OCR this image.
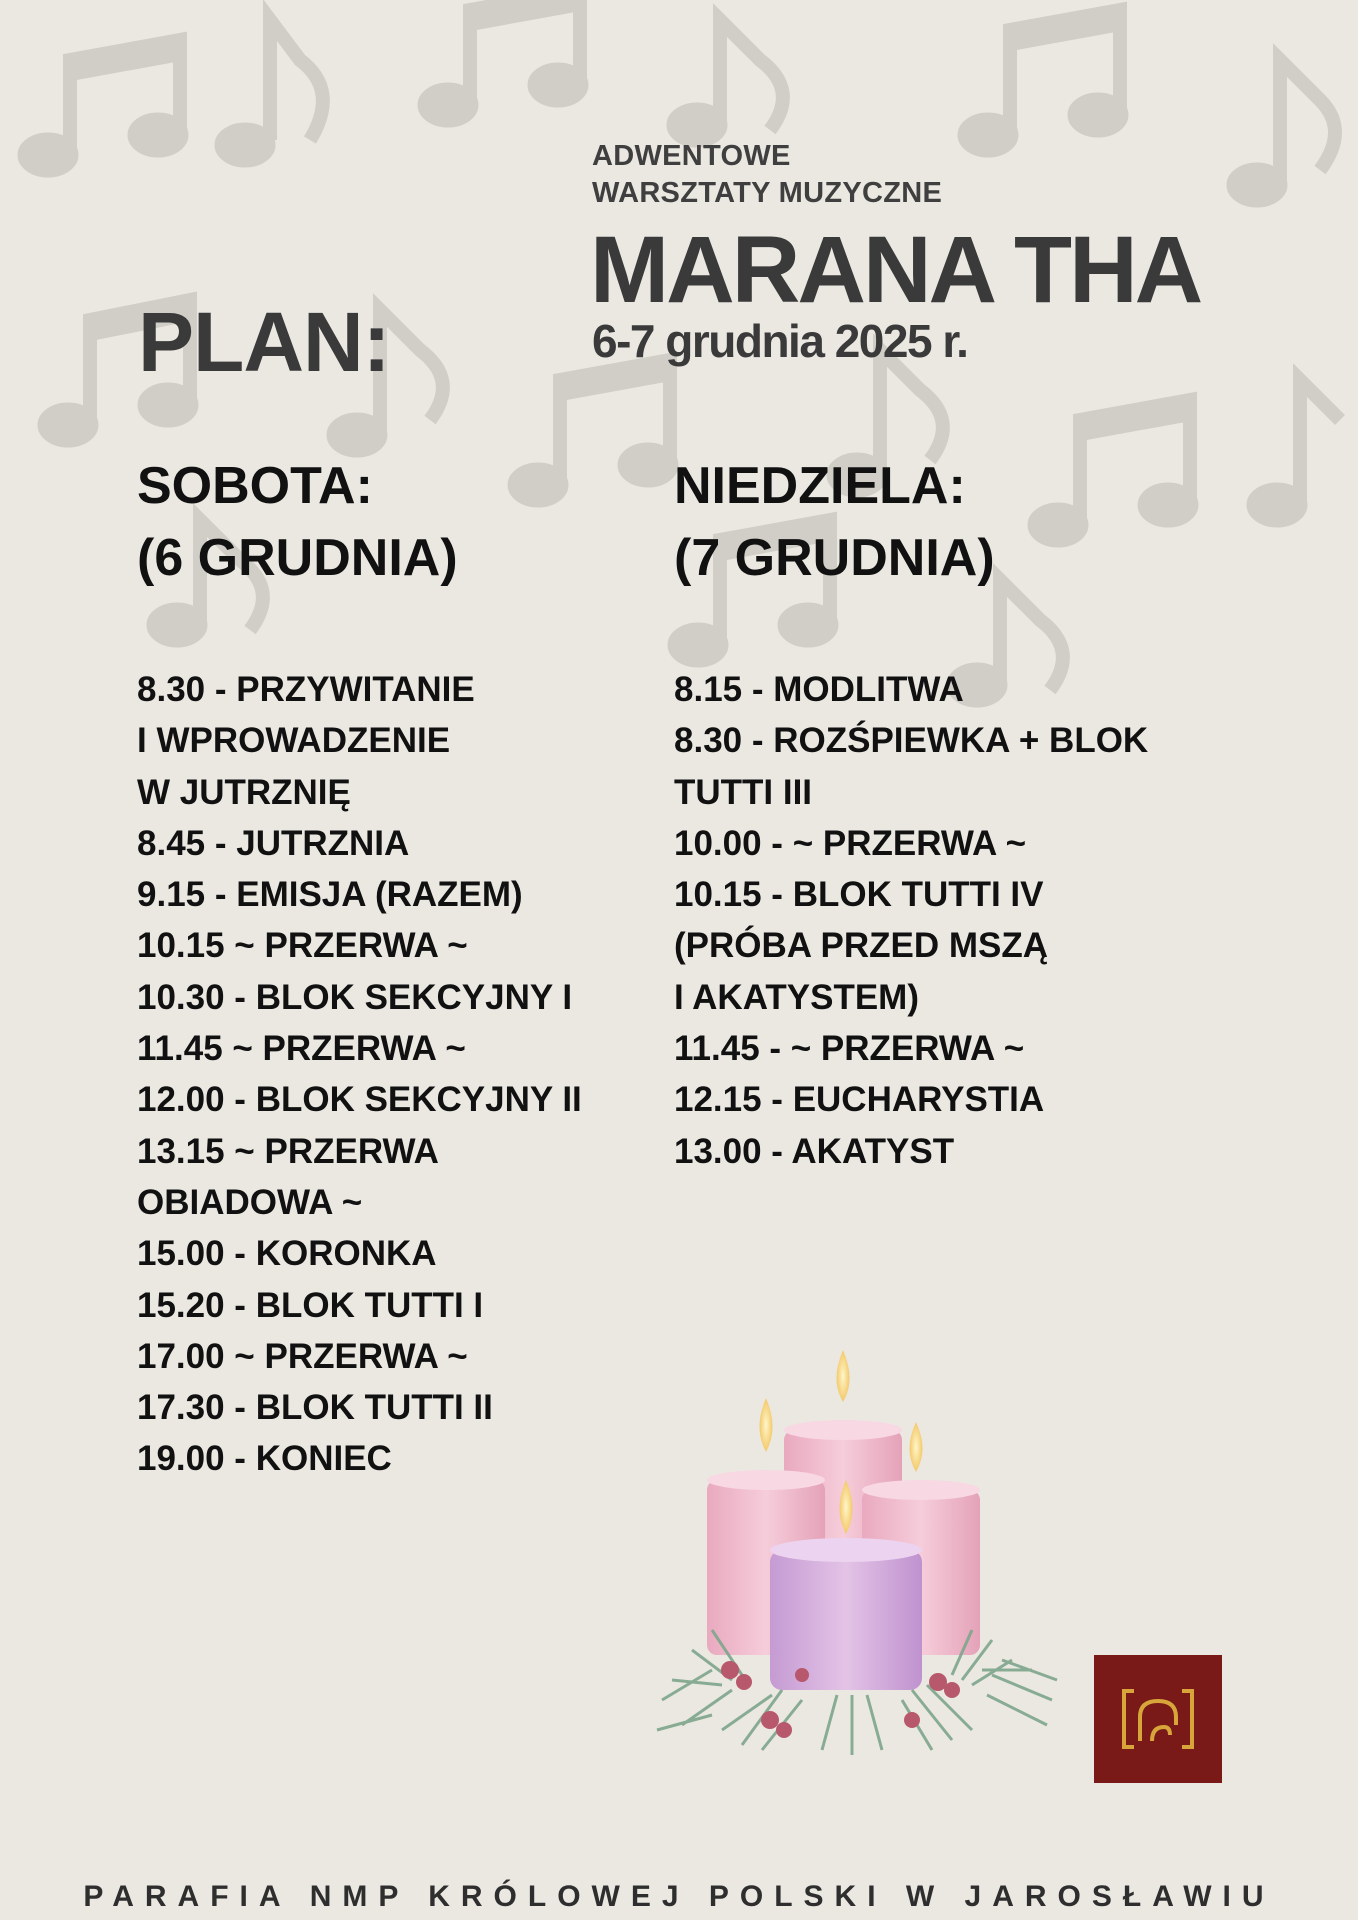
ADWENTOWE
WARSZTATY MUZYCZNE
MARANA THA
6-7 grudnia 2025 r.
PLAN:
SOBOTA:
(6 GRUDNIA)
8.30 - PRZYWITANIE
I WPROWADZENIE
W JUTRZNIĘ
8.45 - JUTRZNIA
9.15 - EMISJA (RAZEM)
10.15 ~ PRZERWA ~
10.30 - BLOK SEKCYJNY I
11.45 ~ PRZERWA ~
12.00 - BLOK SEKCYJNY II
13.15 ~ PRZERWA
OBIADOWA ~
15.00 - KORONKA
15.20 - BLOK TUTTI I
17.00 ~ PRZERWA ~
17.30 - BLOK TUTTI II
19.00 - KONIEC
NIEDZIELA:
(7 GRUDNIA)
8.15 - MODLITWA
8.30 - ROZŚPIEWKA + BLOK
TUTTI III
10.00 - ~ PRZERWA ~
10.15 - BLOK TUTTI IV
(PRÓBA PRZED MSZĄ
I AKATYSTEM)
11.45 - ~ PRZERWA ~
12.15 - EUCHARYSTIA
13.00 - AKATYST
PARAFIA NMP KRÓLOWEJ POLSKI W JAROSŁAWIU
